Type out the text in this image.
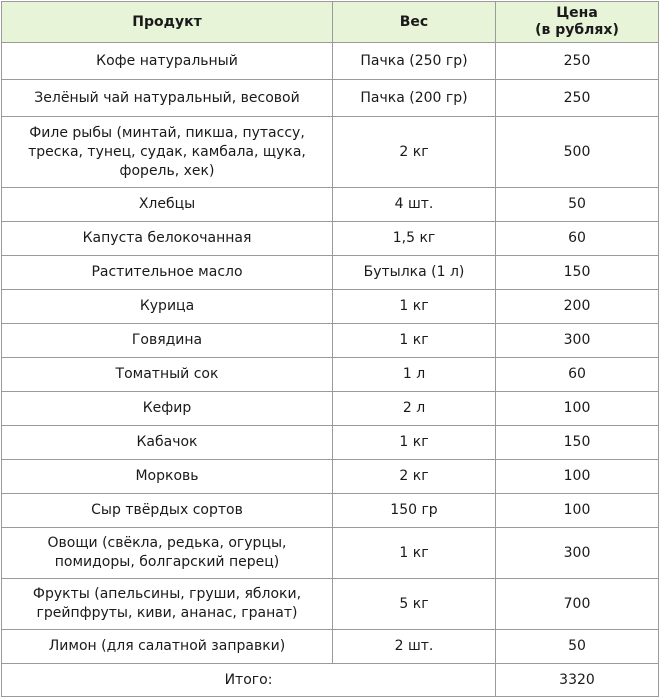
Продукт	Вес	Цена
(в рублях)
Кофе натуральный	Пачка (250 гр)	250
Зелёный чай натуральный, весовой	Пачка (200 гр)	250
Филе рыбы (минтай, пикша, путассу,
треска, тунец, судак, камбала, щука,
форель, хек)	2 кг	500
Хлебцы	4 шт.	50
Капуста белокочанная	1,5 кг	60
Растительное масло	Бутылка (1 л)	150
Курица	1 кг	200
Говядина	1 кг	300
Томатный сок	1 л	60
Кефир	2 л	100
Кабачок	1 кг	150
Морковь	2 кг	100
Сыр твёрдых сортов	150 гр	100
Овощи (свёкла, редька, огурцы,
помидоры, болгарский перец)	1 кг	300
Фрукты (апельсины, груши, яблоки,
грейпфруты, киви, ананас, гранат)	5 кг	700
Лимон (для салатной заправки)	2 шт.	50
Итого:		3320
